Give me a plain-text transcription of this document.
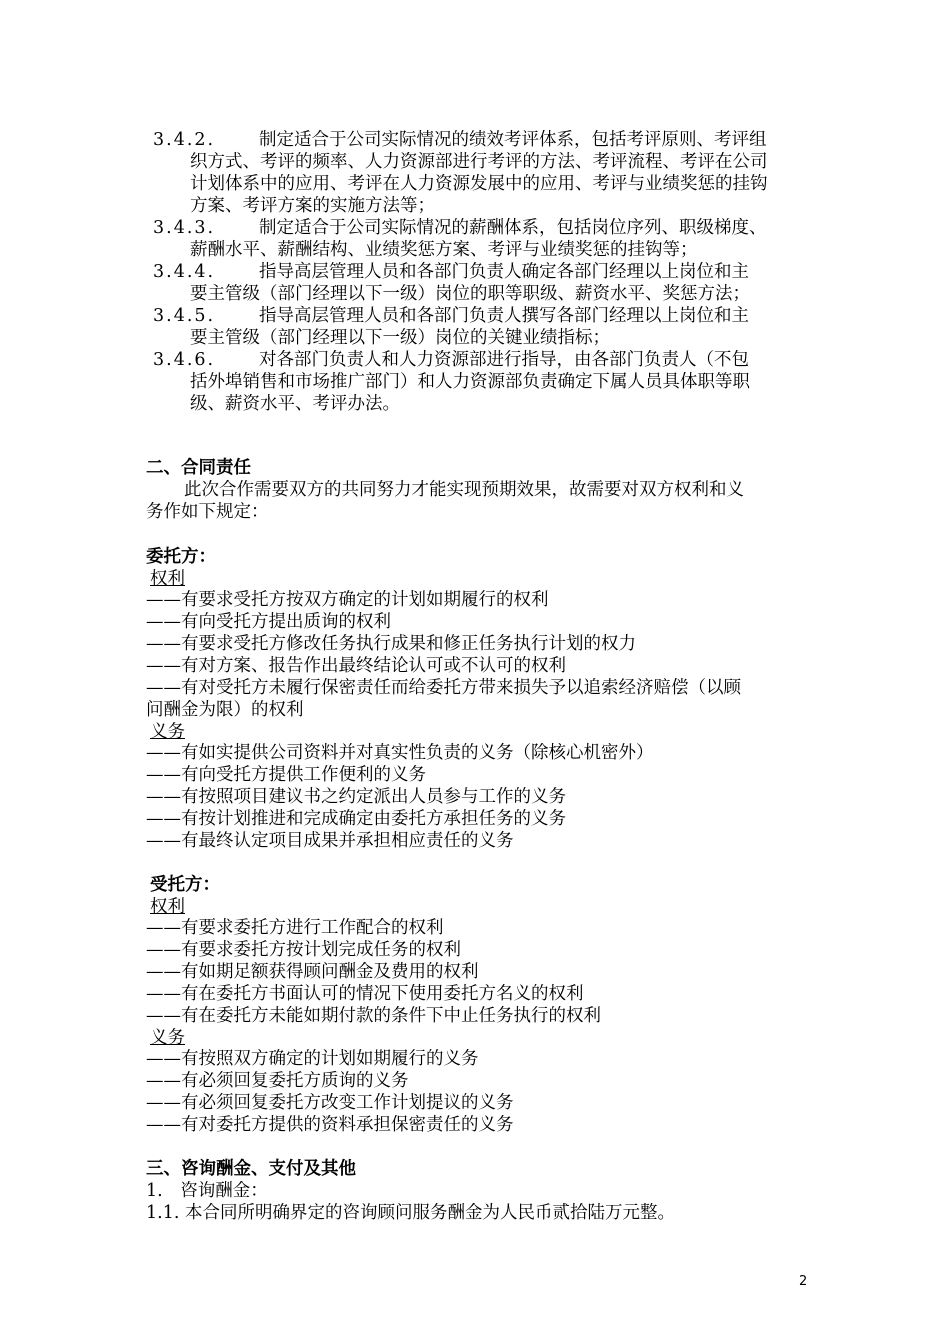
3.4.2.	制定适合于公司实际情况的绩效考评体系，包括考评原则、考评组
织方式、考评的频率、人力资源部进行考评的方法、考评流程、考评在公司
计划体系中的应用、考评在人力资源发展中的应用、考评与业绩奖惩的挂钩
方案、考评方案的实施方法等；
3.4.3.	制定适合于公司实际情况的薪酬体系，包括岗位序列、职级梯度、
薪酬水平、薪酬结构、业绩奖惩方案、考评与业绩奖惩的挂钩等；
3.4.4.	指导高层管理人员和各部门负责人确定各部门经理以上岗位和主
要主管级（部门经理以下一级）岗位的职等职级、薪资水平、奖惩方法；
3.4.5.	指导高层管理人员和各部门负责人撰写各部门经理以上岗位和主
要主管级（部门经理以下一级）岗位的关键业绩指标；
3.4.6.	对各部门负责人和人力资源部进行指导，由各部门负责人（不包
括外埠销售和市场推广部门）和人力资源部负责确定下属人员具体职等职
级、薪资水平、考评办法。
二、合同责任
此次合作需要双方的共同努力才能实现预期效果，故需要对双方权利和义
务作如下规定：
委托方：
权利
——有要求受托方按双方确定的计划如期履行的权利
——有向受托方提出质询的权利
——有要求受托方修改任务执行成果和修正任务执行计划的权力
——有对方案、报告作出最终结论认可或不认可的权利
——有对受托方未履行保密责任而给委托方带来损失予以追索经济赔偿（以顾
问酬金为限）的权利
义务
——有如实提供公司资料并对真实性负责的义务（除核心机密外）
——有向受托方提供工作便利的义务
——有按照项目建议书之约定派出人员参与工作的义务
——有按计划推进和完成确定由委托方承担任务的义务
——有最终认定项目成果并承担相应责任的义务
受托方：
权利
——有要求委托方进行工作配合的权利
——有要求委托方按计划完成任务的权利
——有如期足额获得顾问酬金及费用的权利
——有在委托方书面认可的情况下使用委托方名义的权利
——有在委托方未能如期付款的条件下中止任务执行的权利
义务
——有按照双方确定的计划如期履行的义务
——有必须回复委托方质询的义务
——有必须回复委托方改变工作计划提议的义务
——有对委托方提供的资料承担保密责任的义务
三、咨询酬金、支付及其他
1.　咨询酬金：
1.1. 本合同所明确界定的咨询顾问服务酬金为人民币贰拾陆万元整。
2
